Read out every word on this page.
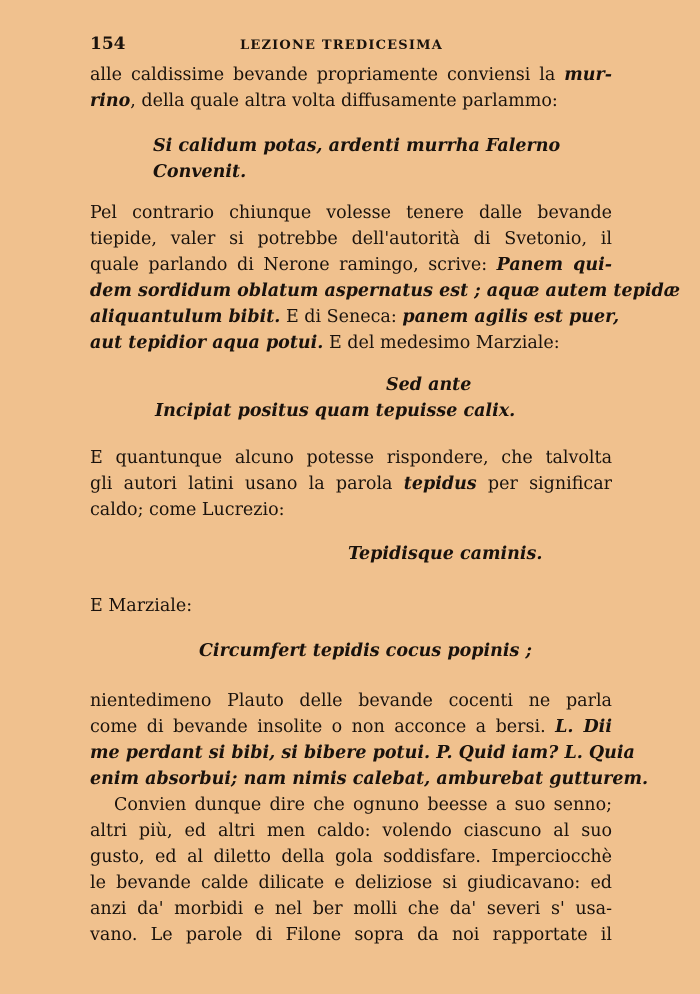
154	LEZIONE TREDICESIMA
alle caldissime bevande propriamente conviensi la mur-
rino, della quale altra volta diffusamente parlammo:
Pel contrario chiunque volesse tenere dalle bevande
tiepide, valer si potrebbe dell'autorità di Svetonio, il
quale parlando di Nerone ramingo, scrive: Panem qui-
dem sordidum oblatum aspernatus est ; aquæ autem tepidæ
aliquantulum bibit. E di Seneca: panem agilis est puer,
aut tepidior aqua potui. E del medesimo Marziale:
E quantunque alcuno potesse rispondere, che talvolta
gli autori latini usano la parola tepidus per significar
caldo; come Lucrezio:
E Marziale:
nientedimeno Plauto delle bevande cocenti ne parla
come di bevande insolite o non acconce a bersi. L. Dii
me perdant si bibi, si bibere potui. P. Quid iam? L. Quia
enim absorbui; nam nimis calebat, amburebat gutturem.
Convien dunque dire che ognuno beesse a suo senno;
altri più, ed altri men caldo: volendo ciascuno al suo
gusto, ed al diletto della gola soddisfare. Imperciocchè
le bevande calde dilicate e deliziose si giudicavano: ed
anzi da' morbidi e nel ber molli che da' severi s' usa-
vano. Le parole di Filone sopra da noi rapportate il
Si calidum potas, ardenti murrha Falerno
Convenit.
Sed ante
Incipiat positus quam tepuisse calix.
Tepidisque caminis.
Circumfert tepidis cocus popinis ;
